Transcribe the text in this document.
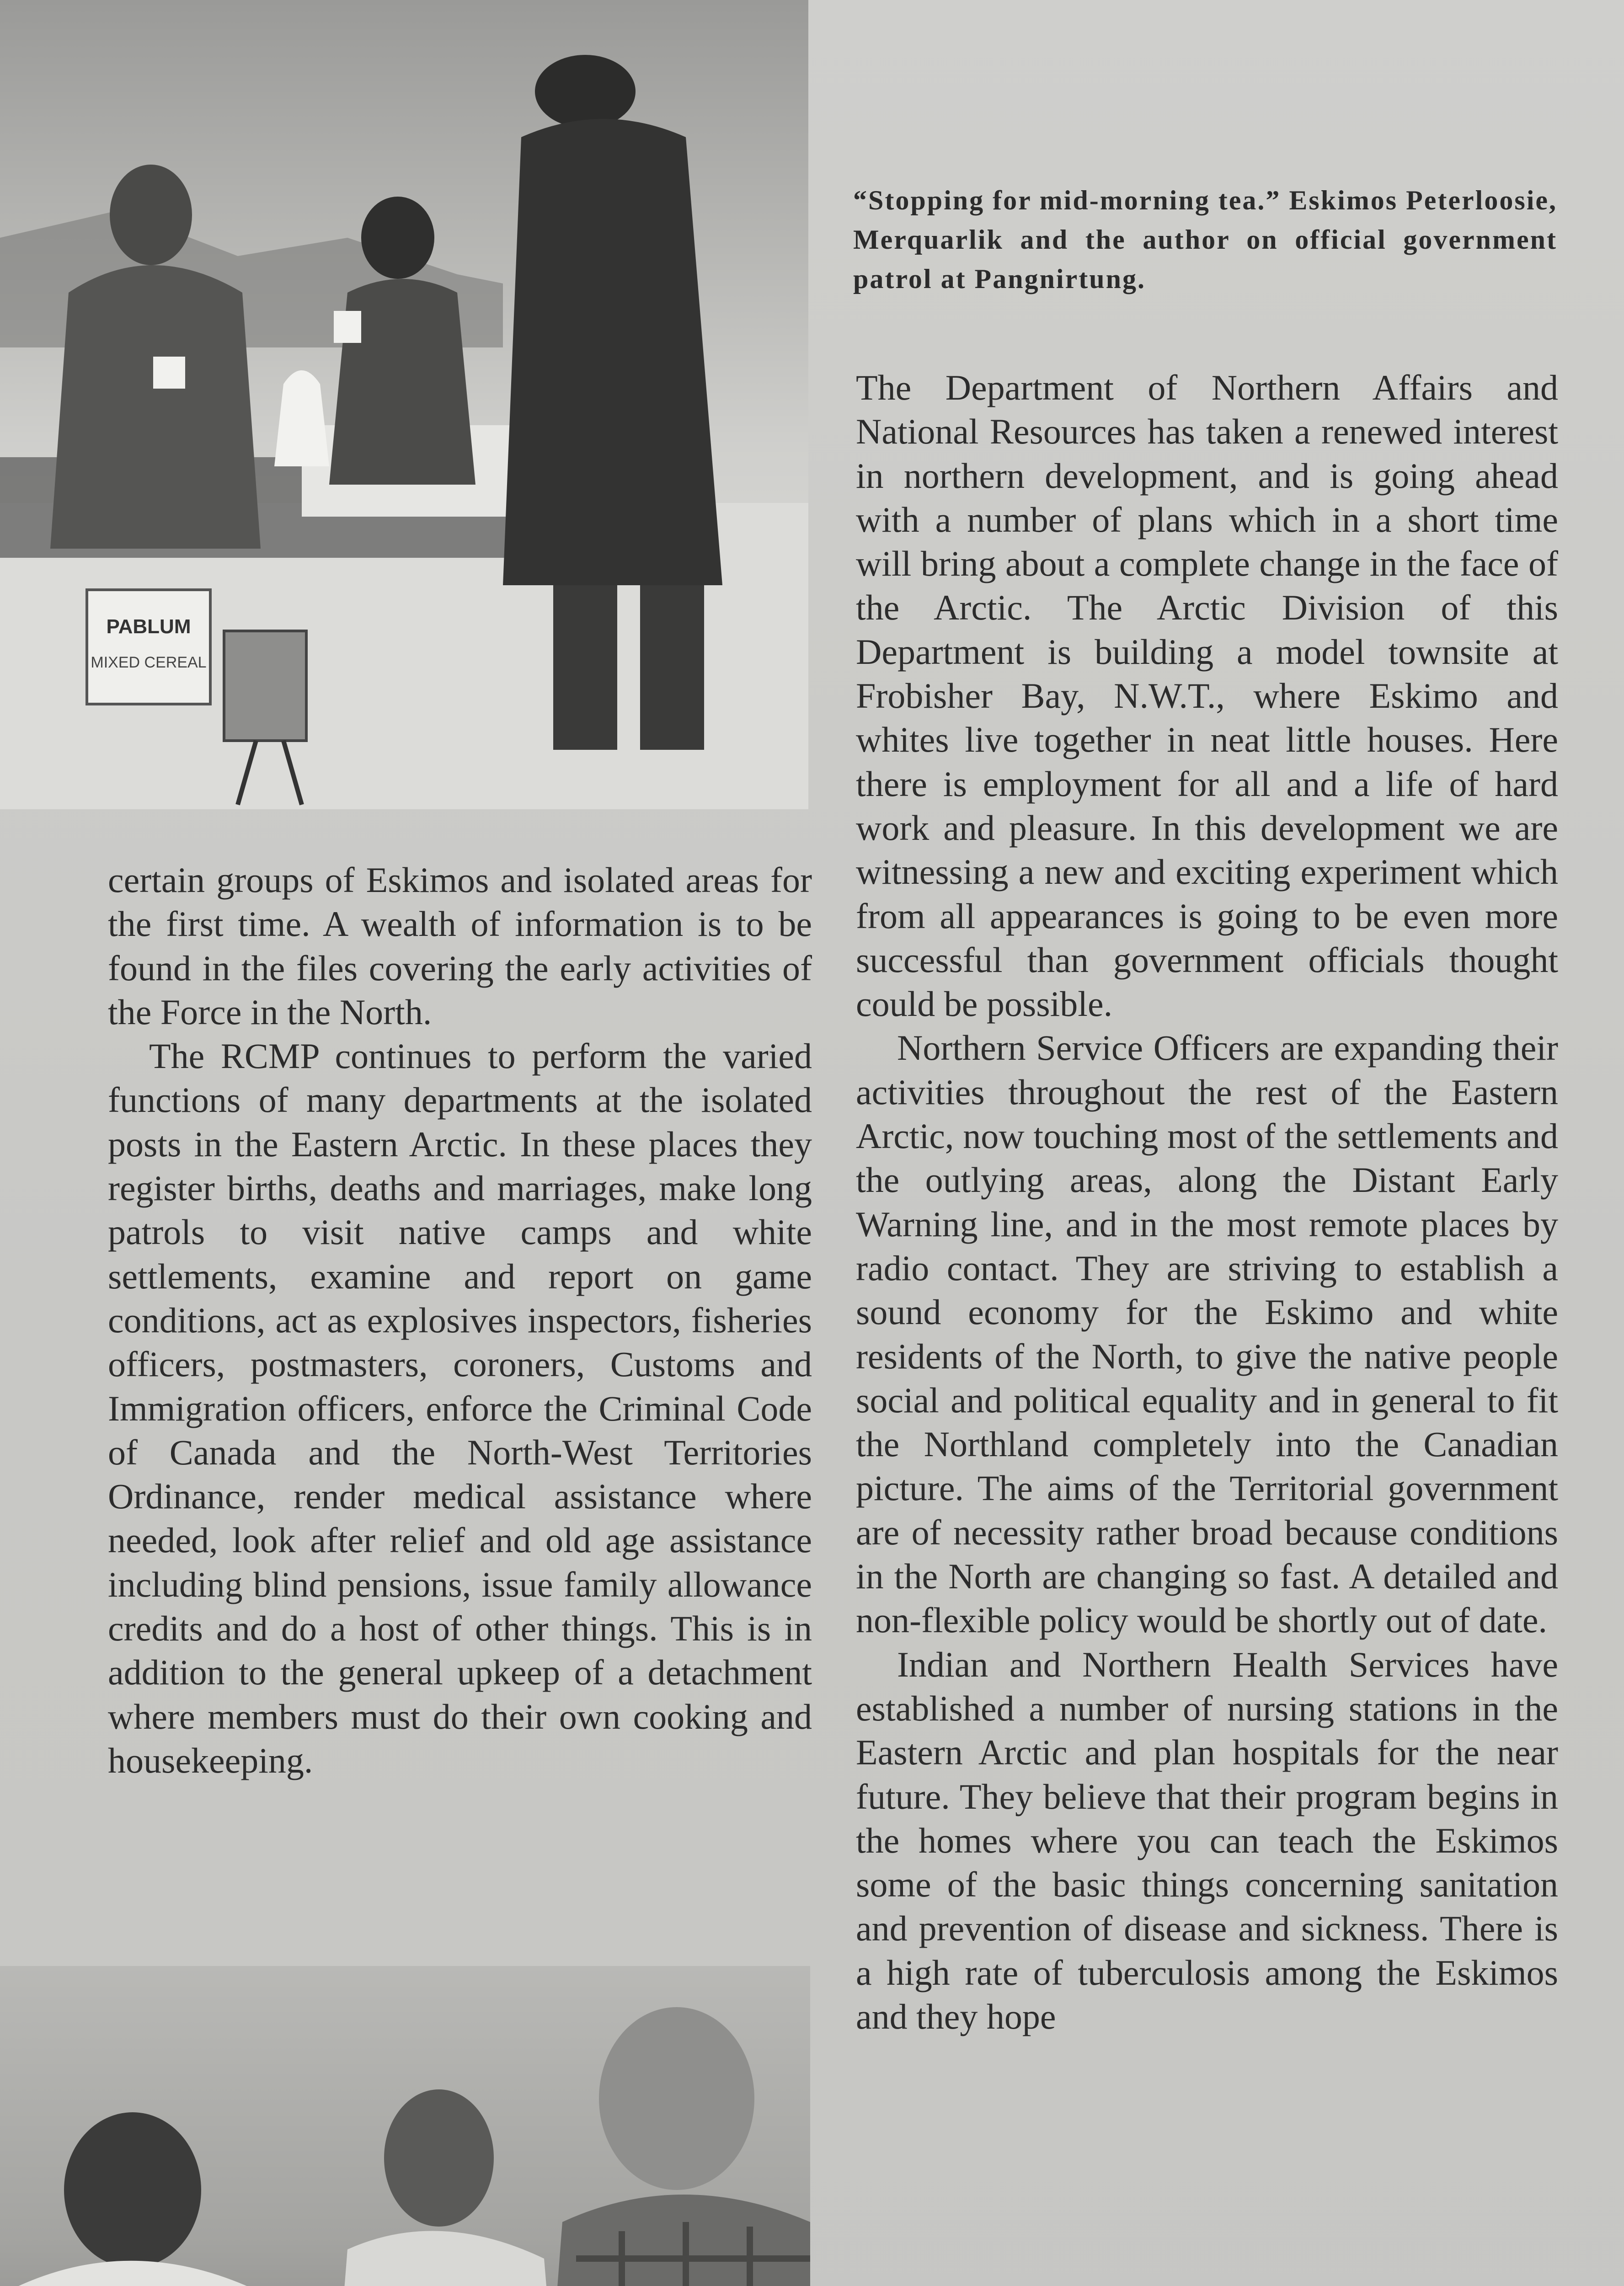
PABLUM
MIXED CEREAL
“Stopping for mid-morning tea.” Eskimos Peterloosie, Merquarlik and the author on official government patrol at Pangnirtung.

The Department of Northern Affairs and National Resources has taken a renewed interest in northern development, and is going ahead with a number of plans which in a short time will bring about a complete change in the face of the Arctic. The Arctic Division of this Department is building a model townsite at Frobisher Bay, N.W.T., where Eskimo and whites live together in neat little houses. Here there is employment for all and a life of hard work and pleasure. In this development we are witnessing a new and exciting experiment which from all appearances is going to be even more successful than government officials thought could be possible.

Northern Service Officers are expanding their activities throughout the rest of the Eastern Arctic, now touching most of the settlements and the outlying areas, along the Distant Early Warning line, and in the most remote places by radio contact. They are striving to establish a sound economy for the Eskimo and white residents of the North, to give the native people social and political equality and in general to fit the Northland completely into the Canadian picture. The aims of the Territorial government are of necessity rather broad because conditions in the North are changing so fast. A detailed and non-flexible policy would be shortly out of date.

Indian and Northern Health Services have established a number of nursing stations in the Eastern Arctic and plan hospitals for the near future. They believe that their program begins in the homes where you can teach the Eskimos some of the basic things concerning sanitation and prevention of disease and sickness. There is a high rate of tuberculosis among the Eskimos and they hope

certain groups of Eskimos and isolated areas for the first time. A wealth of information is to be found in the files covering the early activities of the Force in the North.

The RCMP continues to perform the varied functions of many departments at the isolated posts in the Eastern Arctic. In these places they register births, deaths and marriages, make long patrols to visit native camps and white settlements, examine and report on game conditions, act as explosives inspectors, fisheries officers, postmasters, coroners, Customs and Immigration officers, enforce the Criminal Code of Canada and the North-West Territories Ordinance, render medical assistance where needed, look after relief and old age assistance including blind pensions, issue family allowance credits and do a host of other things. This is in addition to the general upkeep of a detachment where members must do their own cooking and housekeeping.
